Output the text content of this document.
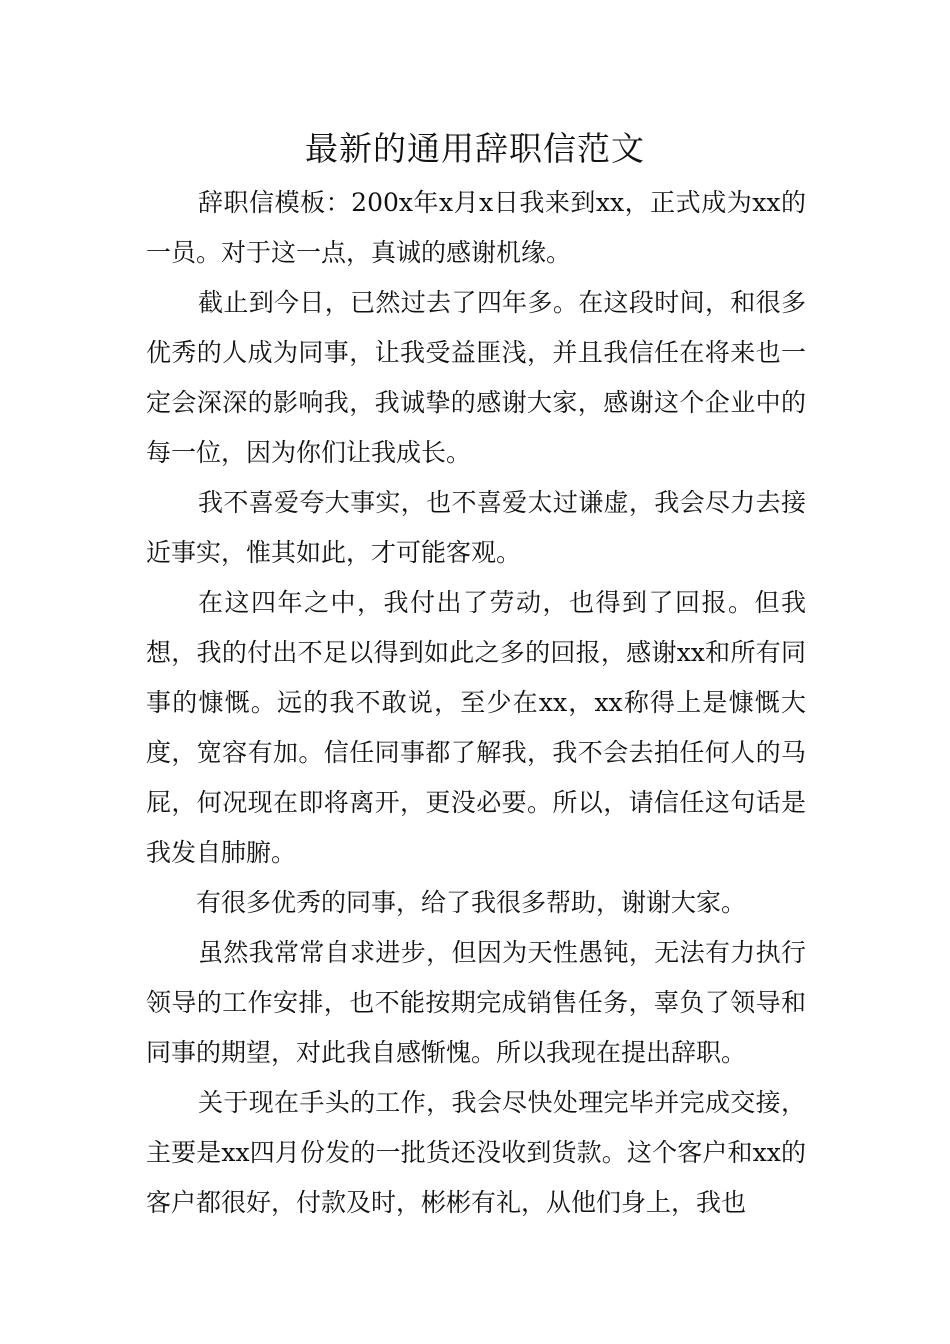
最新的通用辞职信范文

辞职信模板：200x年x月x日我来到xx，正式成为xx的一员。对于这一点，真诚的感谢机缘。

截止到今日，已然过去了四年多。在这段时间，和很多优秀的人成为同事，让我受益匪浅，并且我信任在将来也一定会深深的影响我，我诚挚的感谢大家，感谢这个企业中的每一位，因为你们让我成长。

我不喜爱夸大事实，也不喜爱太过谦虚，我会尽力去接近事实，惟其如此，才可能客观。

在这四年之中，我付出了劳动，也得到了回报。但我想，我的付出不足以得到如此之多的回报，感谢xx和所有同事的慷慨。远的我不敢说，至少在xx，xx称得上是慷慨大度，宽容有加。信任同事都了解我，我不会去拍任何人的马屁，何况现在即将离开，更没必要。所以，请信任这句话是我发自肺腑。

有很多优秀的同事，给了我很多帮助，谢谢大家。

虽然我常常自求进步，但因为天性愚钝，无法有力执行领导的工作安排，也不能按期完成销售任务，辜负了领导和同事的期望，对此我自感惭愧。所以我现在提出辞职。

关于现在手头的工作，我会尽快处理完毕并完成交接，主要是xx四月份发的一批货还没收到货款。这个客户和xx的客户都很好，付款及时，彬彬有礼，从他们身上，我也
